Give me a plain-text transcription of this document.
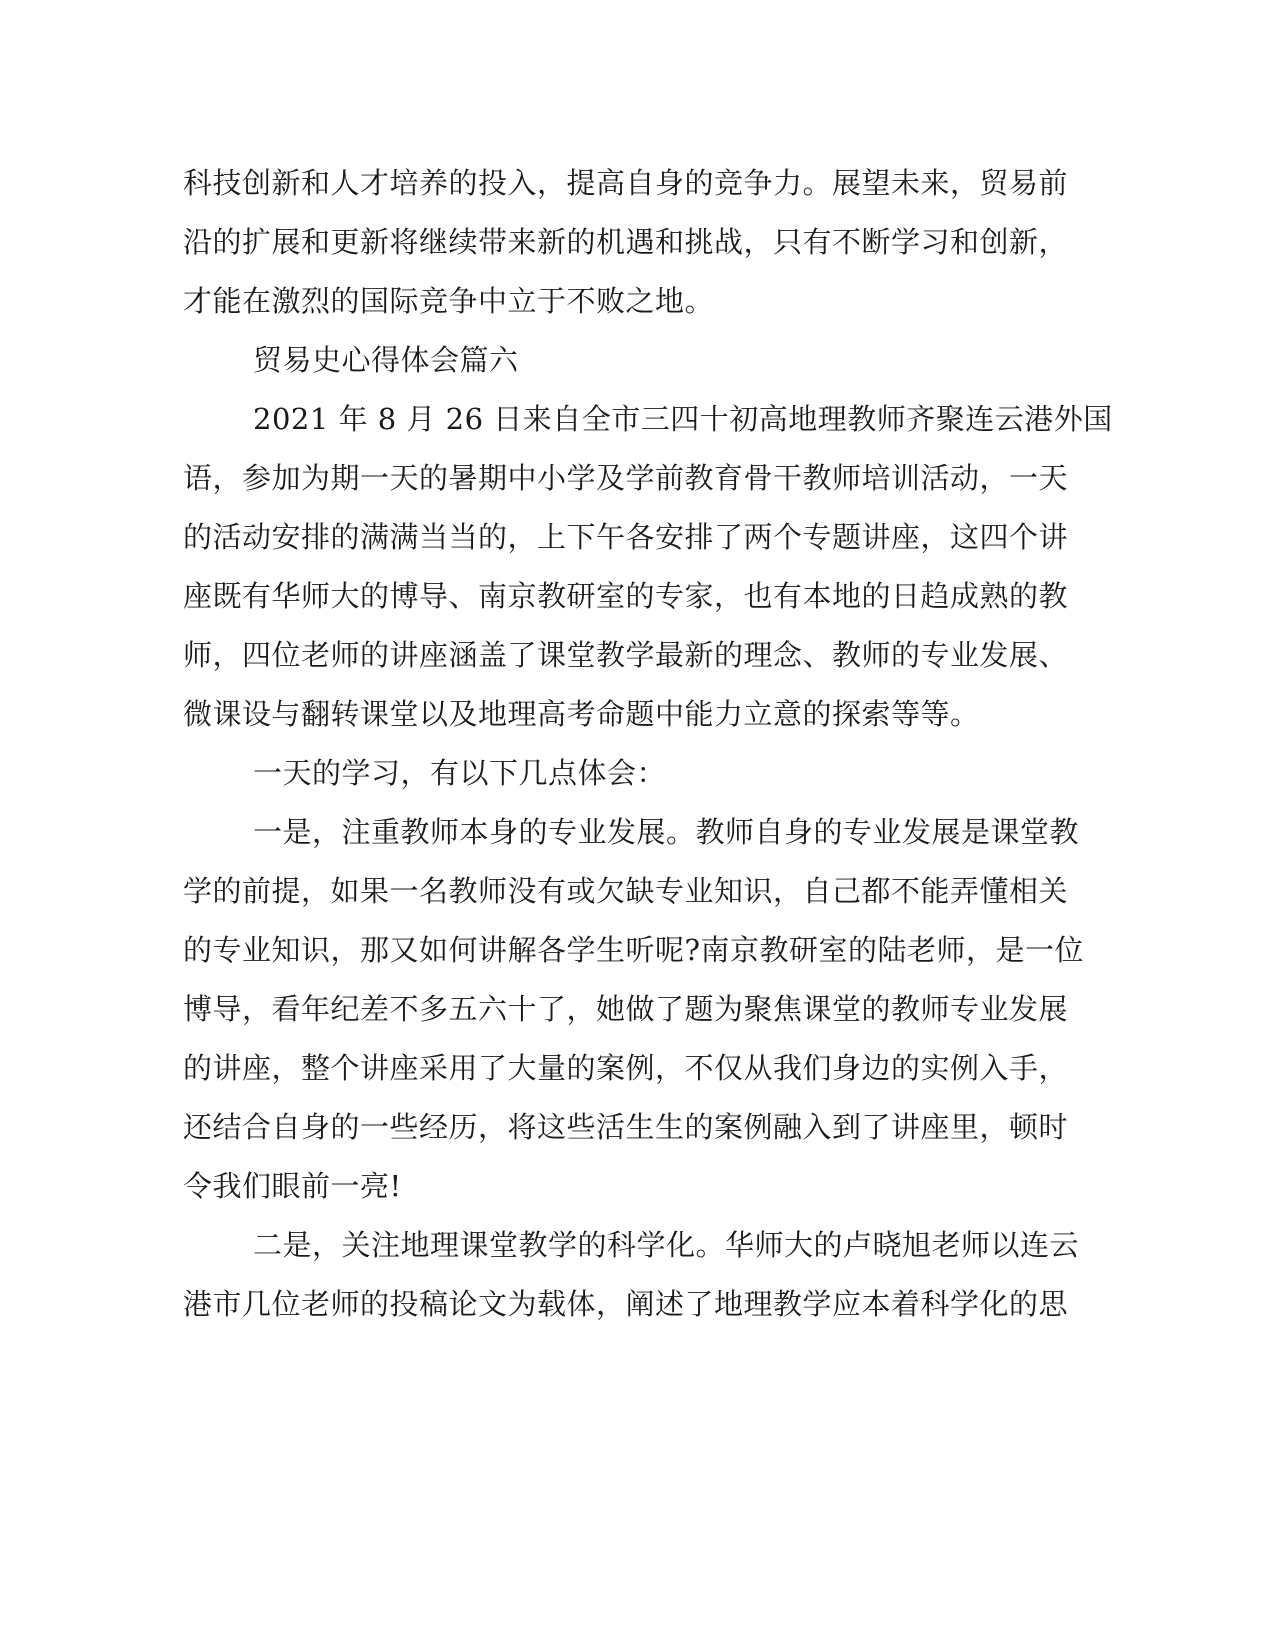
科技创新和人才培养的投入，提高自身的竞争力。展望未来，贸易前
沿的扩展和更新将继续带来新的机遇和挑战，只有不断学习和创新，
才能在激烈的国际竞争中立于不败之地。
贸易史心得体会篇六
2021 年 8 月 26 日来自全市三四十初高地理教师齐聚连云港外国
语，参加为期一天的暑期中小学及学前教育骨干教师培训活动，一天
的活动安排的满满当当的，上下午各安排了两个专题讲座，这四个讲
座既有华师大的博导、南京教研室的专家，也有本地的日趋成熟的教
师，四位老师的讲座涵盖了课堂教学最新的理念、教师的专业发展、
微课设与翻转课堂以及地理高考命题中能力立意的探索等等。
一天的学习，有以下几点体会：
一是，注重教师本身的专业发展。教师自身的专业发展是课堂教
学的前提，如果一名教师没有或欠缺专业知识，自己都不能弄懂相关
的专业知识，那又如何讲解各学生听呢?南京教研室的陆老师，是一位
博导，看年纪差不多五六十了，她做了题为聚焦课堂的教师专业发展
的讲座，整个讲座采用了大量的案例，不仅从我们身边的实例入手，
还结合自身的一些经历，将这些活生生的案例融入到了讲座里，顿时
令我们眼前一亮!
二是，关注地理课堂教学的科学化。华师大的卢晓旭老师以连云
港市几位老师的投稿论文为载体，阐述了地理教学应本着科学化的思
